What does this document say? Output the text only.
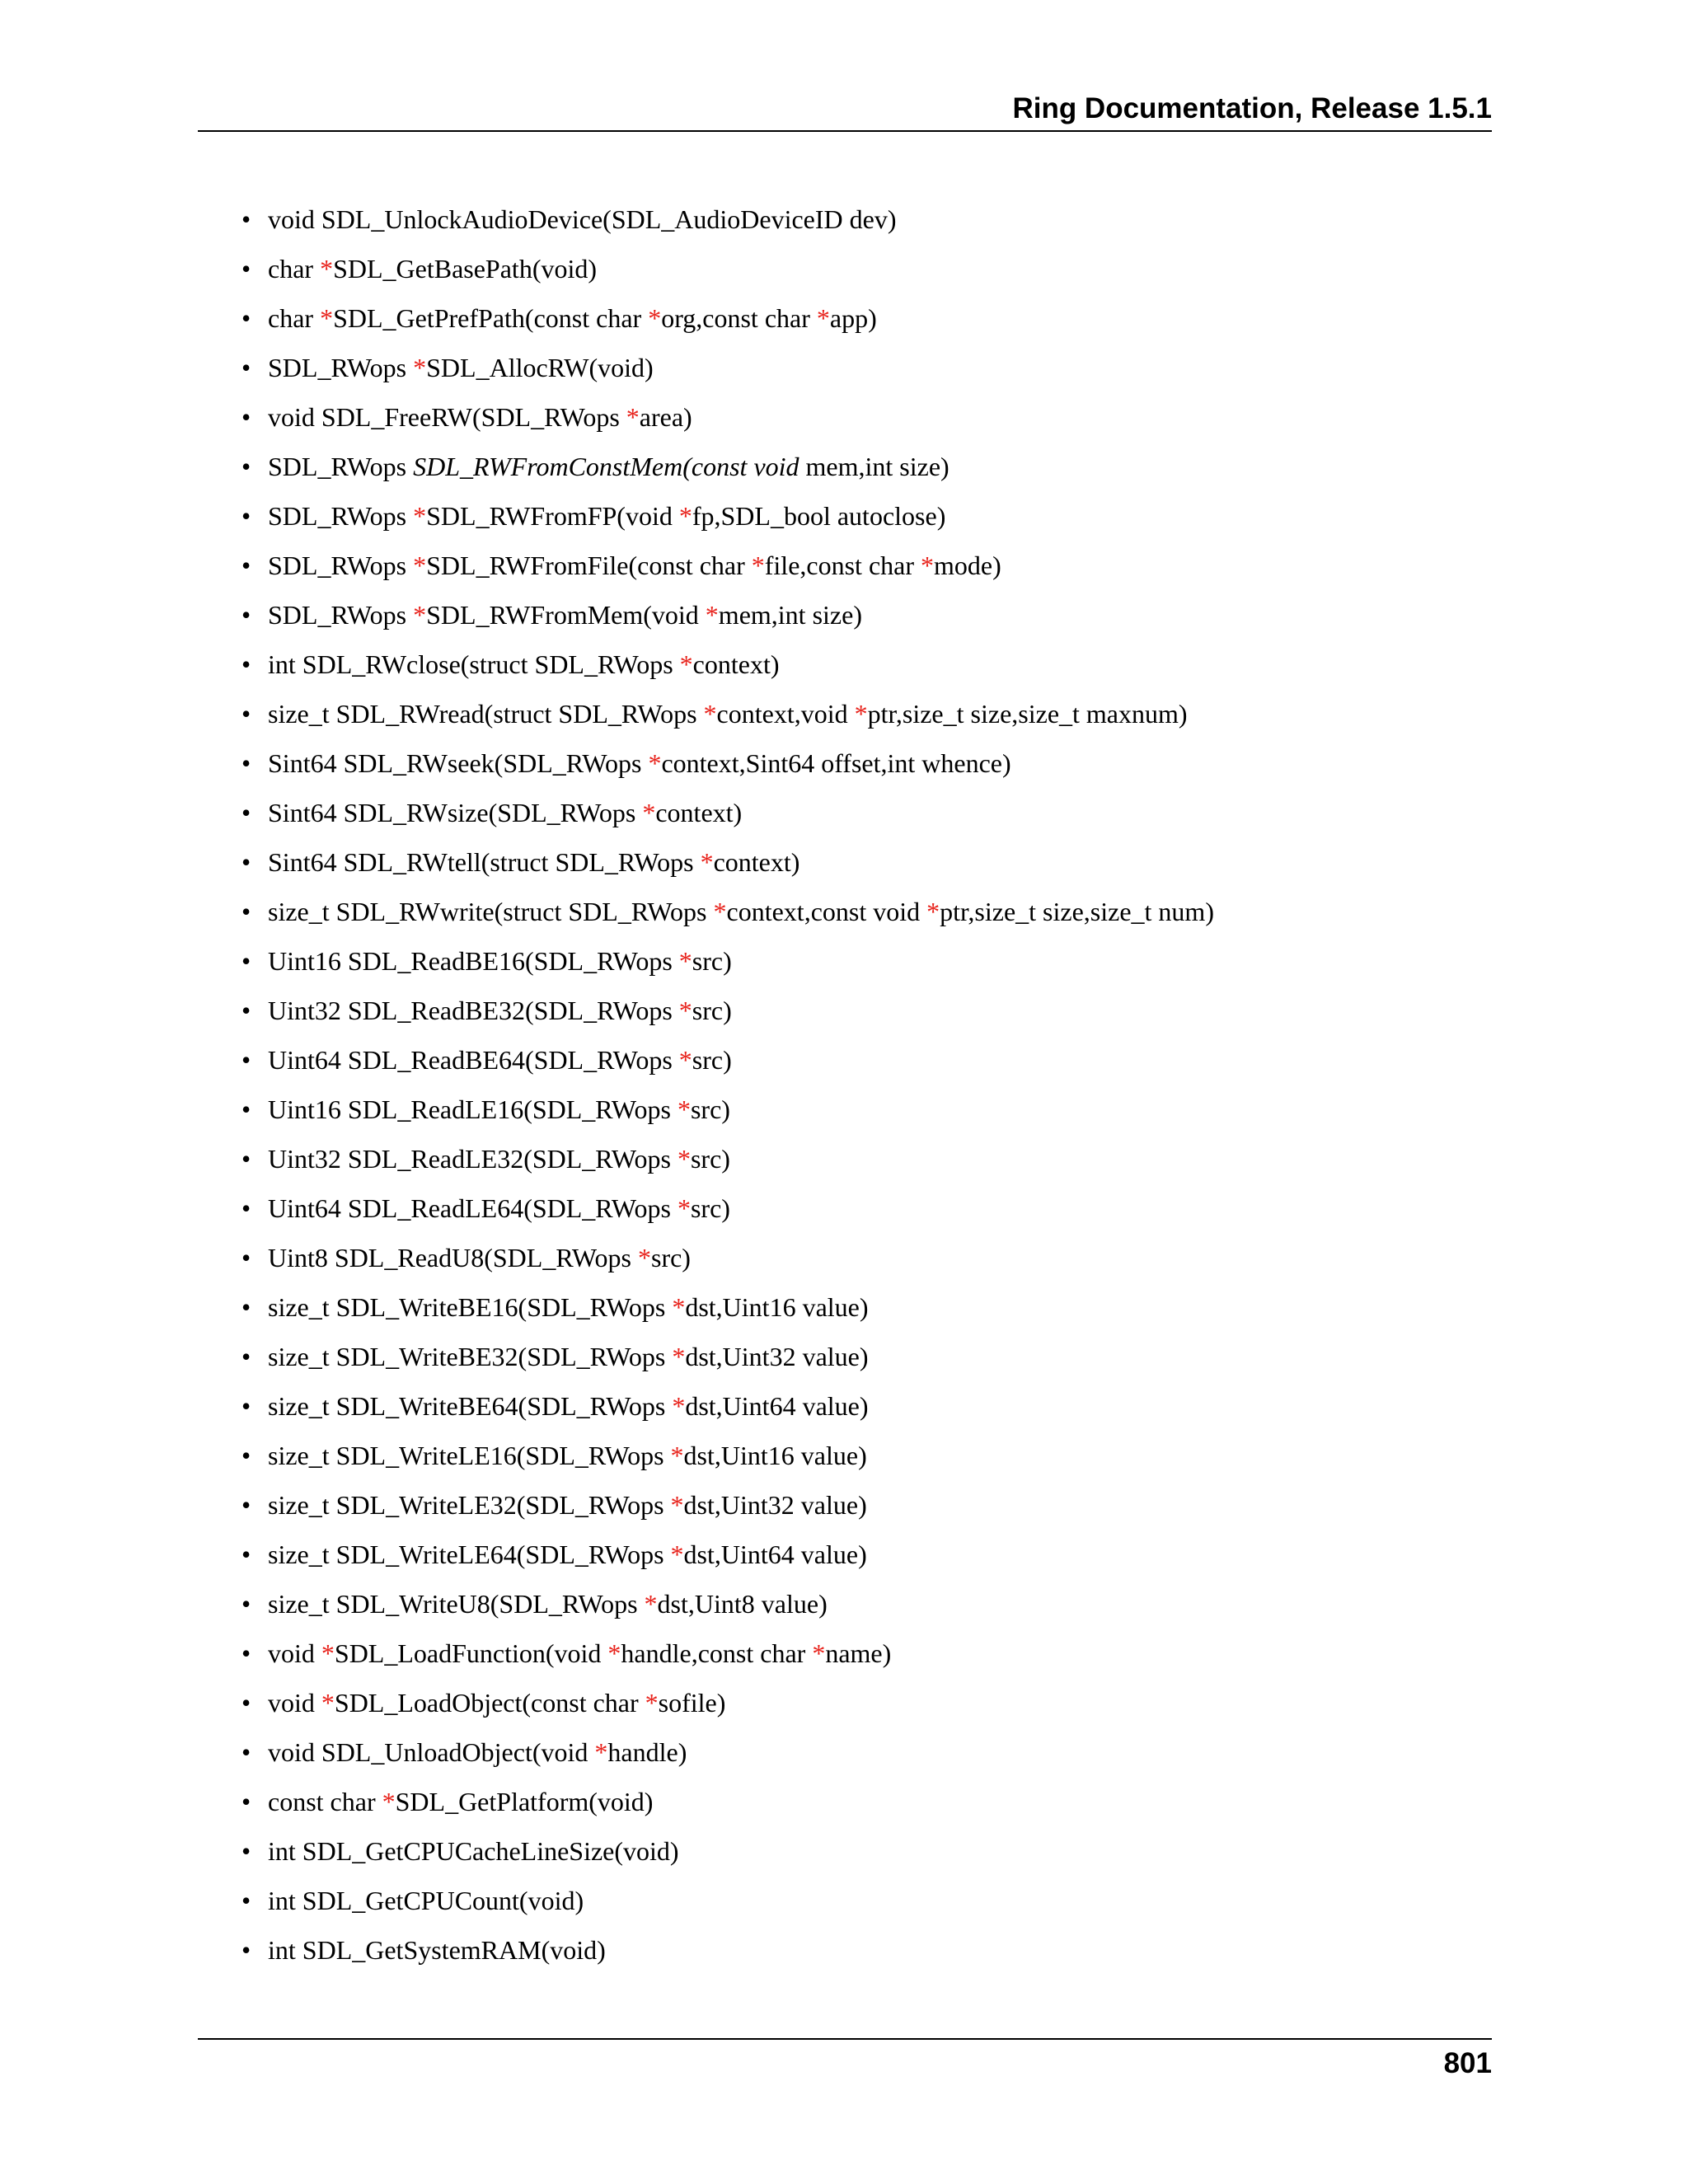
Ring Documentation, Release 1.5.1
• void SDL_UnlockAudioDevice(SDL_AudioDeviceID dev)
• char *SDL_GetBasePath(void)
• char *SDL_GetPrefPath(const char *org,const char *app)
• SDL_RWops *SDL_AllocRW(void)
• void SDL_FreeRW(SDL_RWops *area)
• SDL_RWops SDL_RWFromConstMem(const void mem,int size)
• SDL_RWops *SDL_RWFromFP(void *fp,SDL_bool autoclose)
• SDL_RWops *SDL_RWFromFile(const char *file,const char *mode)
• SDL_RWops *SDL_RWFromMem(void *mem,int size)
• int SDL_RWclose(struct SDL_RWops *context)
• size_t SDL_RWread(struct SDL_RWops *context,void *ptr,size_t size,size_t maxnum)
• Sint64 SDL_RWseek(SDL_RWops *context,Sint64 offset,int whence)
• Sint64 SDL_RWsize(SDL_RWops *context)
• Sint64 SDL_RWtell(struct SDL_RWops *context)
• size_t SDL_RWwrite(struct SDL_RWops *context,const void *ptr,size_t size,size_t num)
• Uint16 SDL_ReadBE16(SDL_RWops *src)
• Uint32 SDL_ReadBE32(SDL_RWops *src)
• Uint64 SDL_ReadBE64(SDL_RWops *src)
• Uint16 SDL_ReadLE16(SDL_RWops *src)
• Uint32 SDL_ReadLE32(SDL_RWops *src)
• Uint64 SDL_ReadLE64(SDL_RWops *src)
• Uint8 SDL_ReadU8(SDL_RWops *src)
• size_t SDL_WriteBE16(SDL_RWops *dst,Uint16 value)
• size_t SDL_WriteBE32(SDL_RWops *dst,Uint32 value)
• size_t SDL_WriteBE64(SDL_RWops *dst,Uint64 value)
• size_t SDL_WriteLE16(SDL_RWops *dst,Uint16 value)
• size_t SDL_WriteLE32(SDL_RWops *dst,Uint32 value)
• size_t SDL_WriteLE64(SDL_RWops *dst,Uint64 value)
• size_t SDL_WriteU8(SDL_RWops *dst,Uint8 value)
• void *SDL_LoadFunction(void *handle,const char *name)
• void *SDL_LoadObject(const char *sofile)
• void SDL_UnloadObject(void *handle)
• const char *SDL_GetPlatform(void)
• int SDL_GetCPUCacheLineSize(void)
• int SDL_GetCPUCount(void)
• int SDL_GetSystemRAM(void)
801
